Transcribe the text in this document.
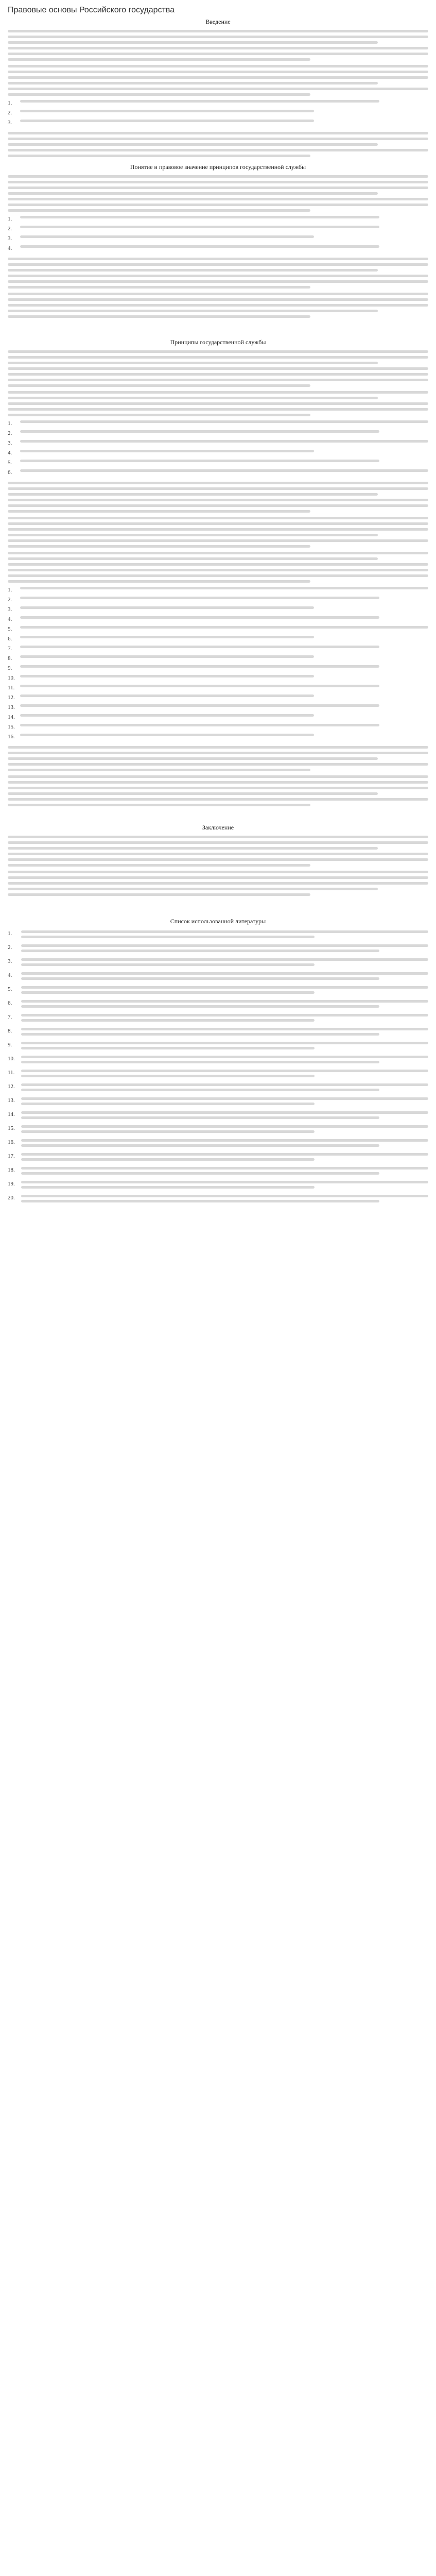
Правовые основы Российского государства
Введение
1.
2.
3.
Понятие и правовое значение принципов государственной службы
1.
2.
3.
4.
Принципы государственной службы
1.
2.
3.
4.
5.
6.
1.
2.
3.
4.
5.
6.
7.
8.
9.
10.
11.
12.
13.
14.
15.
16.
Заключение
Список использованной литературы
1.
2.
3.
4.
5.
6.
7.
8.
9.
10.
11.
12.
13.
14.
15.
16.
17.
18.
19.
20.
